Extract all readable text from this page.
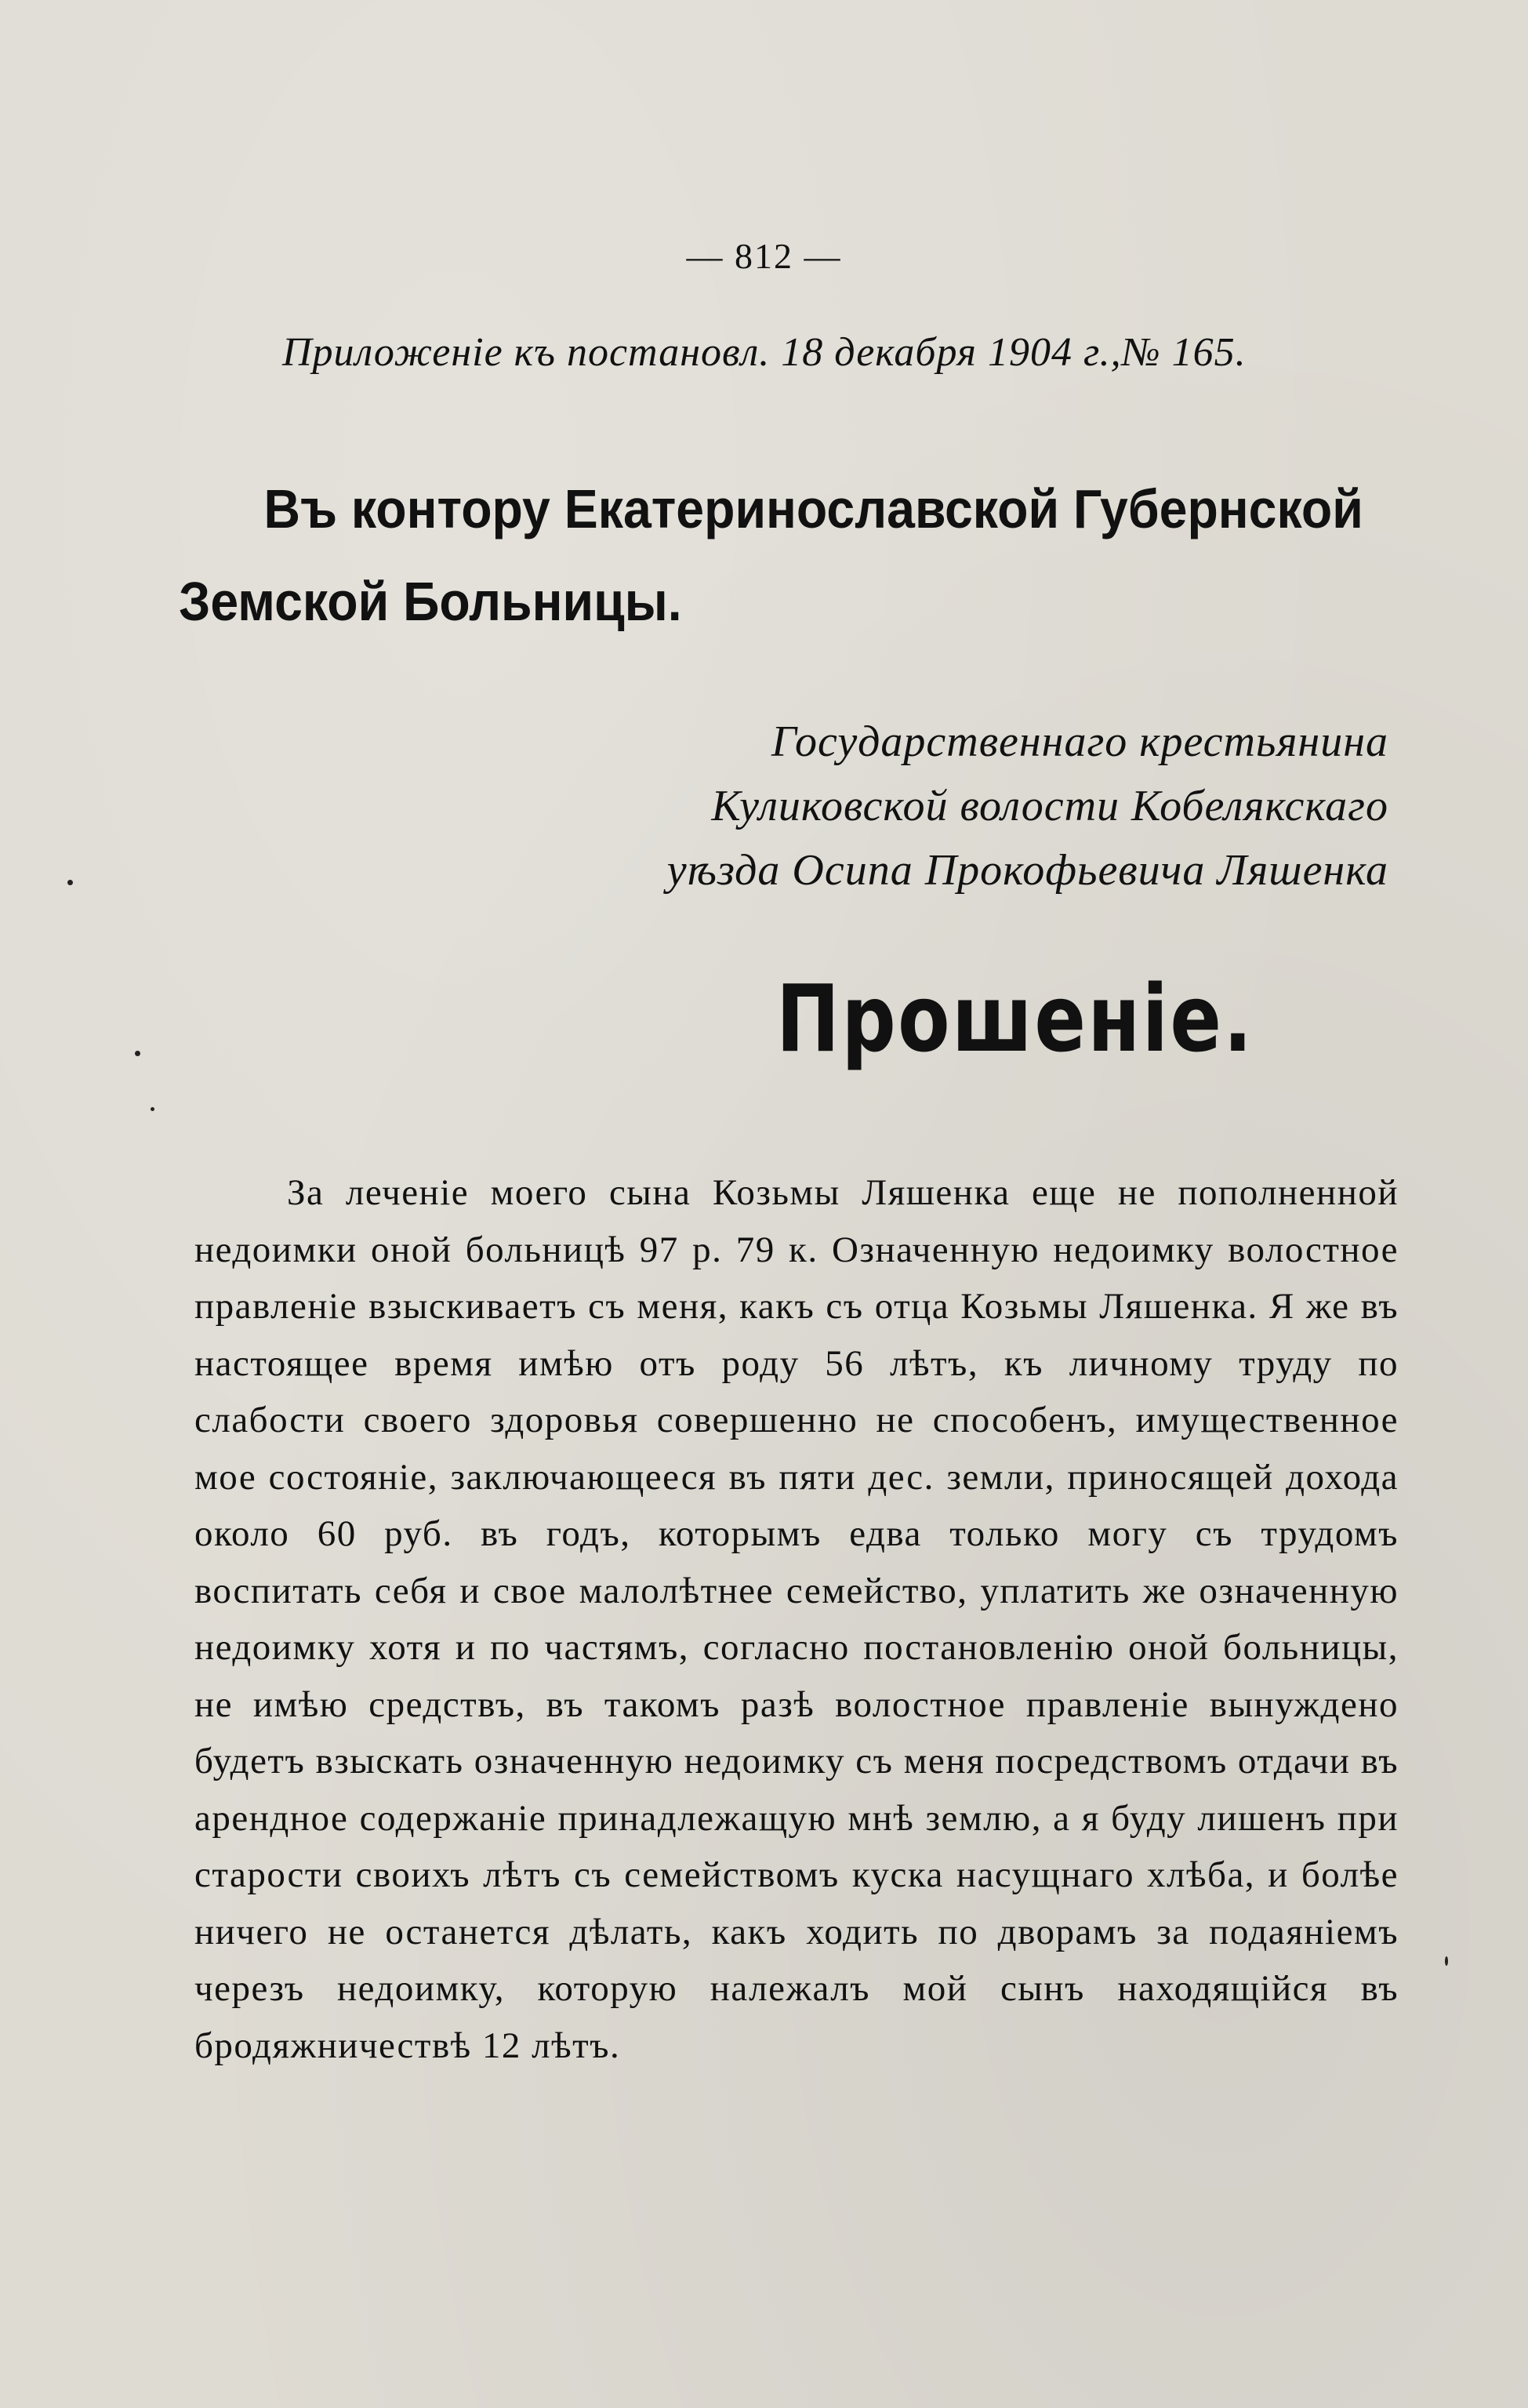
— 812 —
Приложенiе къ постановл. 18 декабря 1904 г.,№ 165.
Въ контору Екатеринославской Губернской
Земской Больницы.
Государственнаго крестьянина
Куликовской волости Кобелякскаго
уѣзда Осипа Прокофьевича Ляшенка
Прошенiе.

За леченiе моего сына Козьмы Ляшенка еще не пополненной недоимки оной больницѣ 97 р. 79 к. Означенную недоимку волостное правленiе взыскиваетъ съ меня, какъ съ отца Козьмы Ляшенка. Я же въ настоящее время имѣю отъ роду 56 лѣтъ, къ личному труду по слабости своего здоровья совершенно не способенъ, имущественное мое состоянiе, заключающееся въ пяти дес. земли, приносящей дохода около 60 руб. въ годъ, которымъ едва только могу съ трудомъ воспитать себя и свое малолѣтнее семейство, уплатить же означенную недоимку хотя и по частямъ, согласно постановленiю оной больницы, не имѣю средствъ, въ такомъ разѣ волостное правленiе вынуждено будетъ взыскать означенную недоимку съ меня посредствомъ отдачи въ арендное содержанiе принадлежащую мнѣ землю, а я буду лишенъ при старости своихъ лѣтъ съ семействомъ куска насущнаго хлѣба, и болѣе ничего не останется дѣлать, какъ ходить по дворамъ за подаянiемъ черезъ недоимку, которую належалъ мой сынъ находящiйся въ бродяжничествѣ 12 лѣтъ.
